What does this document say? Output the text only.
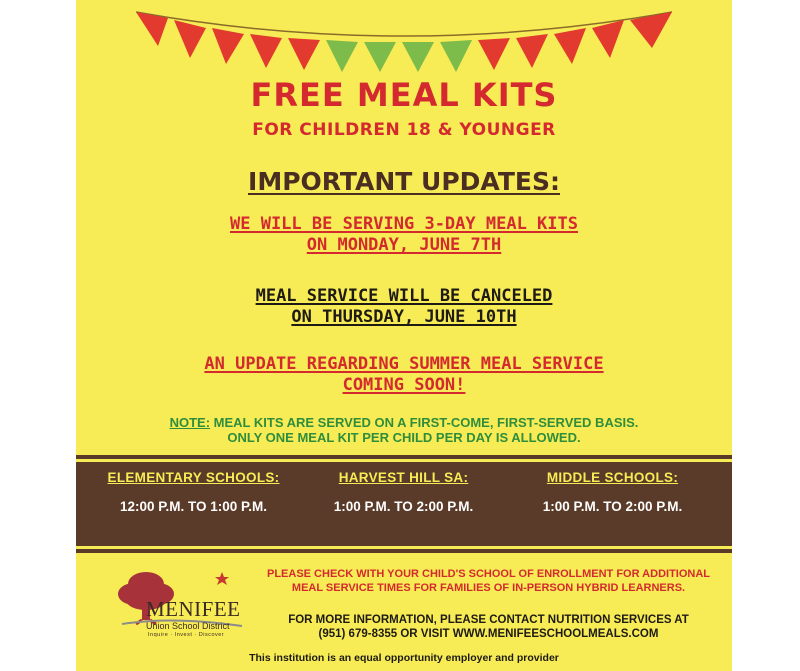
FREE MEAL KITS
FOR CHILDREN 18 & YOUNGER
IMPORTANT UPDATES:
WE WILL BE SERVING 3-DAY MEAL KITS
ON MONDAY, JUNE 7TH
MEAL SERVICE WILL BE CANCELED
ON THURSDAY, JUNE 10TH
AN UPDATE REGARDING SUMMER MEAL SERVICE
COMING SOON!
NOTE: MEAL KITS ARE SERVED ON A FIRST-COME, FIRST-SERVED BASIS.
ONLY ONE MEAL KIT PER CHILD PER DAY IS ALLOWED.
ELEMENTARY SCHOOLS:
12:00 P.M. TO 1:00 P.M.
HARVEST HILL SA:
1:00 P.M. TO 2:00 P.M.
MIDDLE SCHOOLS:
1:00 P.M. TO 2:00 P.M.
MENIFEE
Union School District
Inquire · Invest · Discover
PLEASE CHECK WITH YOUR CHILD'S SCHOOL OF ENROLLMENT FOR ADDITIONAL
MEAL SERVICE TIMES FOR FAMILIES OF IN-PERSON HYBRID LEARNERS.
FOR MORE INFORMATION, PLEASE CONTACT NUTRITION SERVICES AT
(951) 679-8355 OR VISIT WWW.MENIFEESCHOOLMEALS.COM
This institution is an equal opportunity employer and provider
